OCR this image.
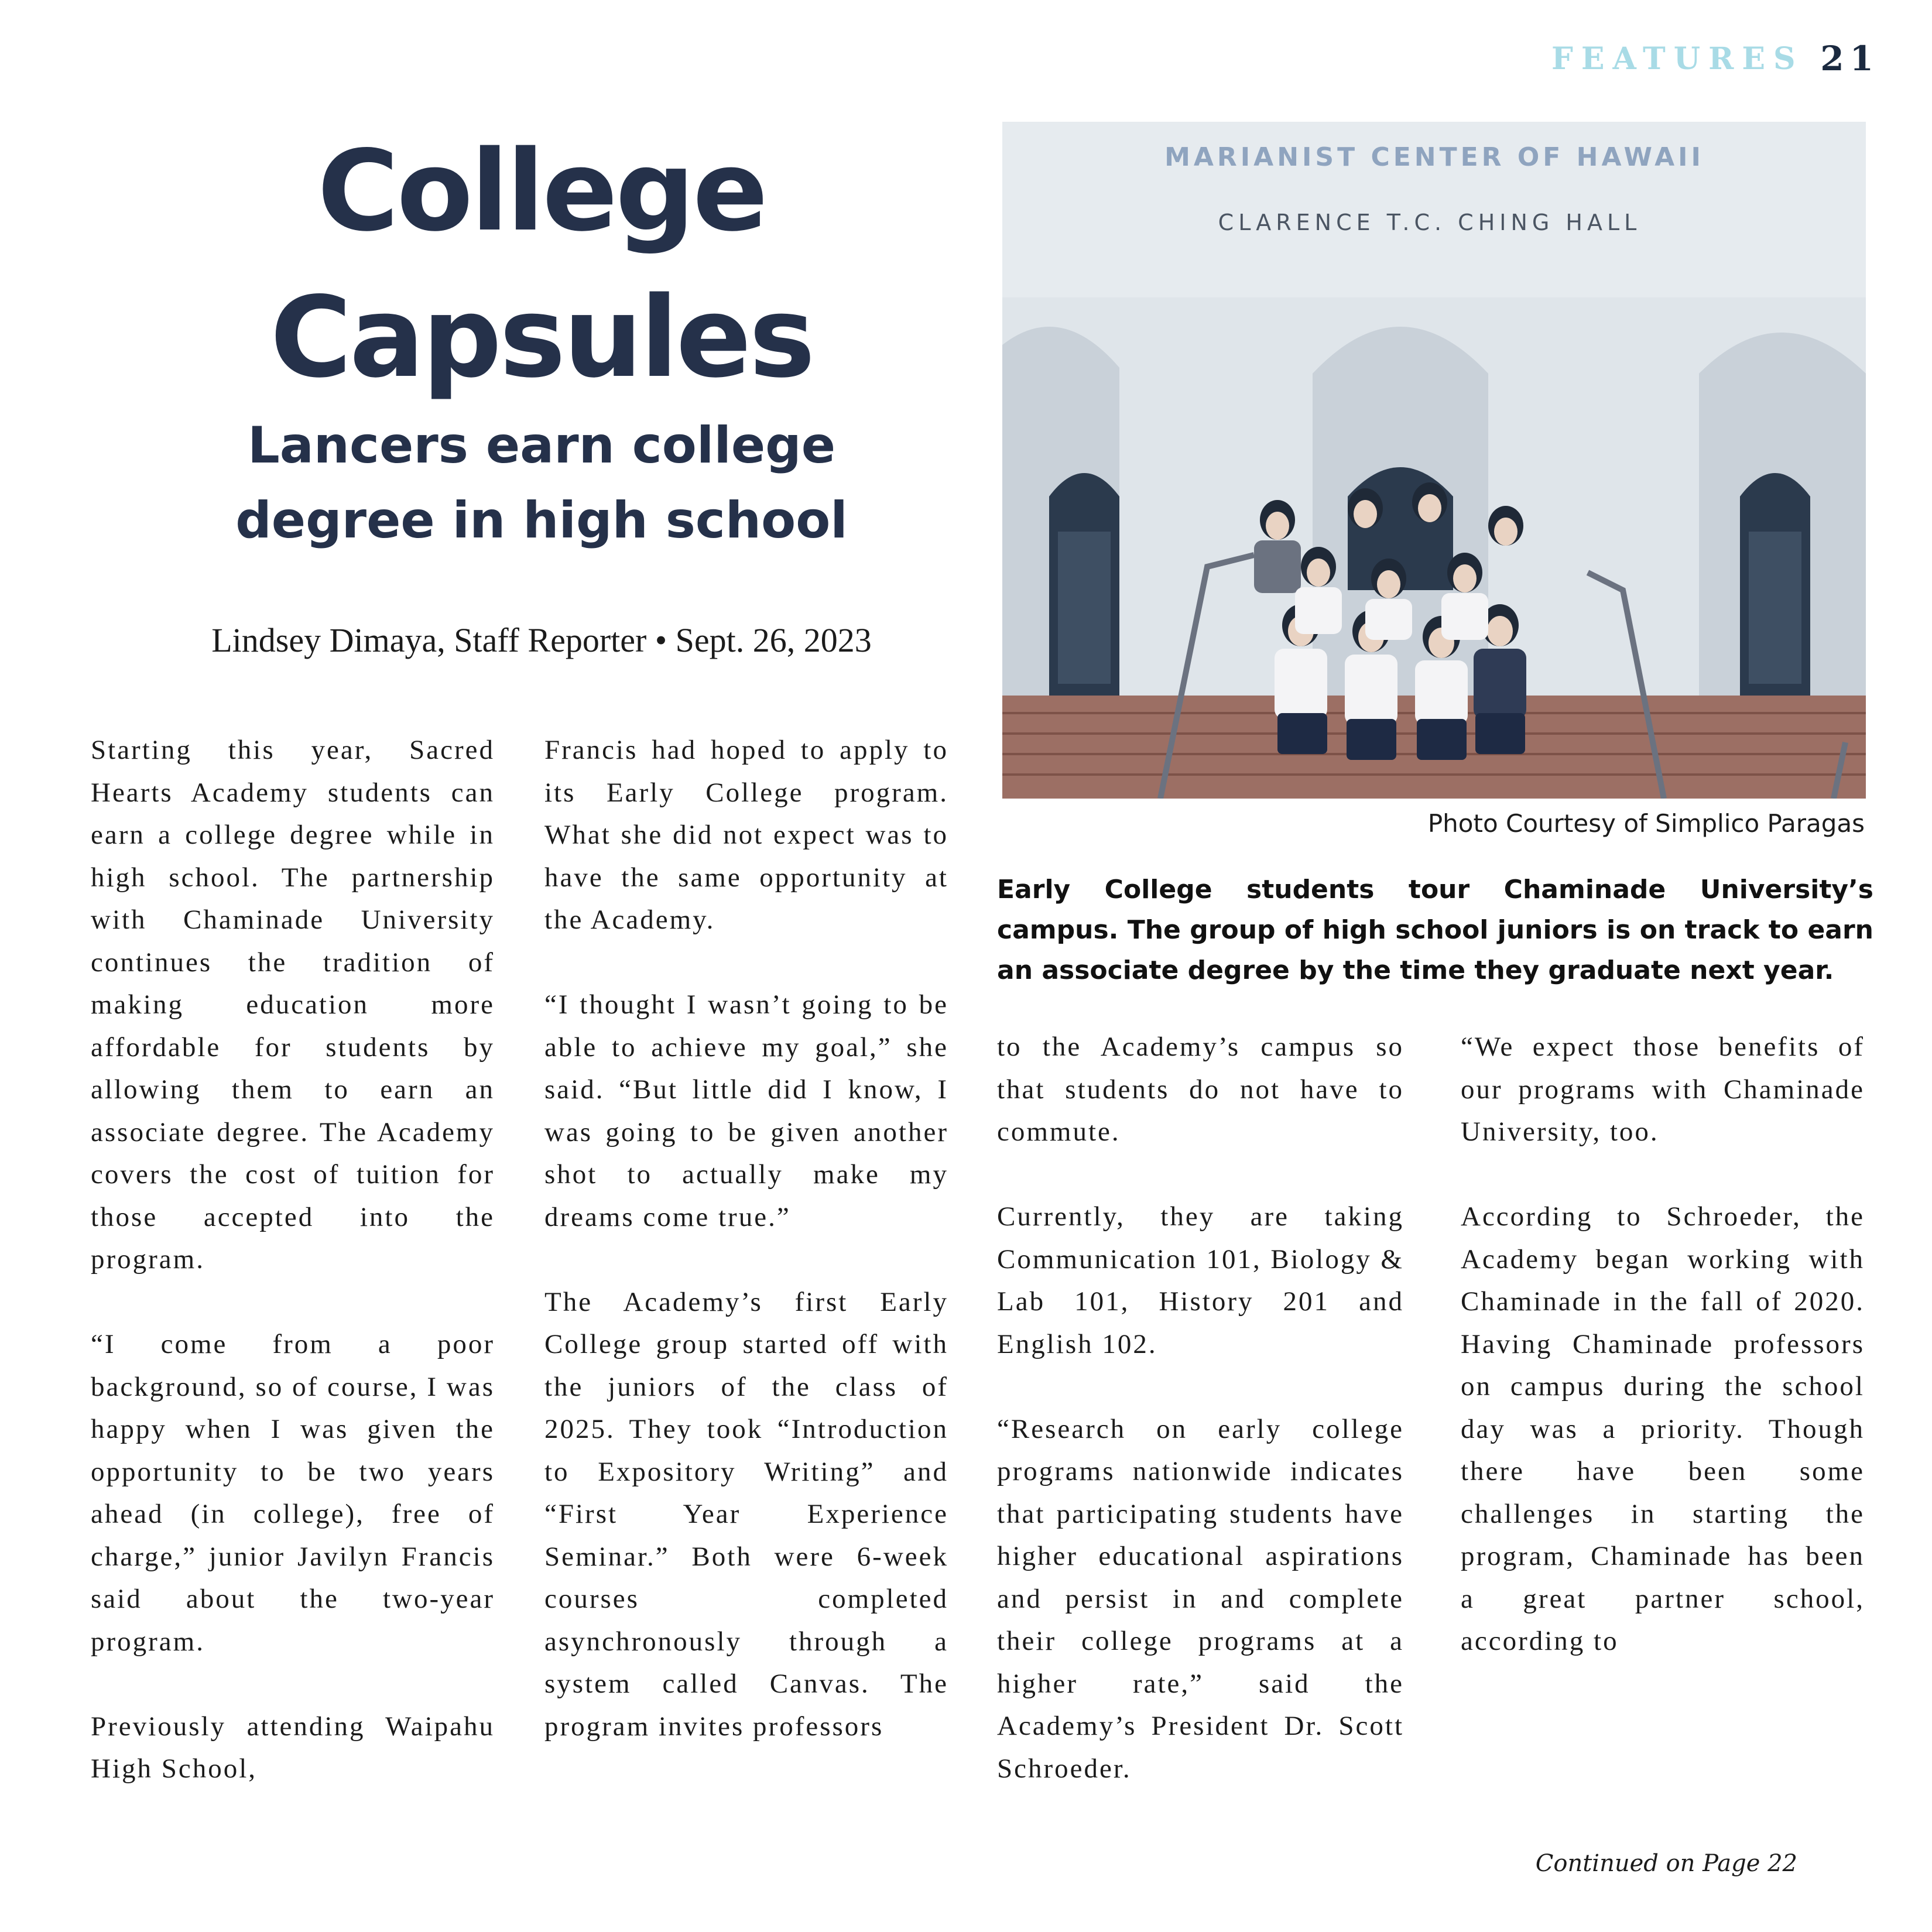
FEATURES 21
College
Capsules
Lancers earn college
degree in high school
Lindsey Dimaya, Staff Reporter • Sept. 26, 2023

Starting this year, Sacred Hearts Academy students can earn a college degree while in high school. The partnership with Chaminade University continues the tradition of making education more affordable for students by allowing them to earn an associate degree. The Academy covers the cost of tuition for those accepted into the program.

“I come from a poor background, so of course, I was happy when I was given the opportunity to be two years ahead (in college), free of charge,” junior Javilyn Francis said about the two-year program.

Previously attending Waipahu High School,

Francis had hoped to apply to its Early College program. What she did not expect was to have the same opportunity at the Academy.

“I thought I wasn’t going to be able to achieve my goal,” she said. “But little did I know, I was going to be given another shot to actually make my dreams come true.”

The Academy’s first Early College group started off with the juniors of the class of 2025. They took “Introduction to Expository Writing” and “First Year Experience Seminar.” Both were 6-week courses completed asynchronously through a system called Canvas. The program invites professors

MARIANIST CENTER OF HAWAII
CLARENCE T.C. CHING HALL
Photo Courtesy of Simplico Paragas
Early College students tour Chaminade University’s campus. The group of high school juniors is on track to earn an associate degree by the time they graduate next year.

to the Academy’s campus so that students do not have to commute.

Currently, they are taking Communication 101, Biology & Lab 101, History 201 and English 102.

“Research on early college programs nationwide indicates that participating students have higher educational aspirations and persist in and complete their college programs at a higher rate,” said the Academy’s President Dr. Scott Schroeder.

“We expect those benefits of our programs with Chaminade University, too.

According to Schroeder, the Academy began working with Chaminade in the fall of 2020. Having Chaminade professors on campus during the school day was a priority. Though there have been some challenges in starting the program, Chaminade has been a great partner school, according to

Continued on Page 22
